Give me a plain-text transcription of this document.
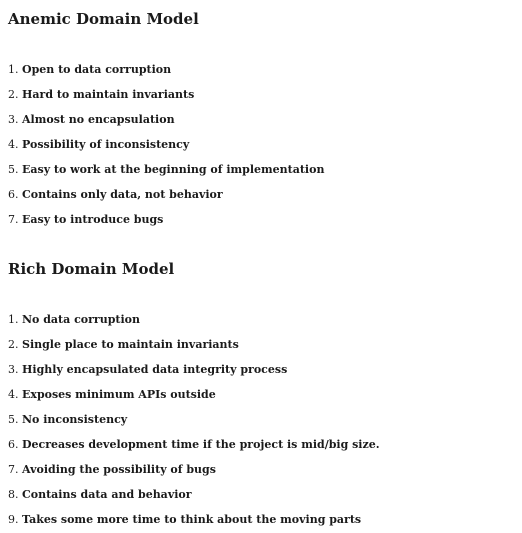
Anemic Domain Model
1. Open to data corruption
2. Hard to maintain invariants
3. Almost no encapsulation
4. Possibility of inconsistency
5. Easy to work at the beginning of implementation
6. Contains only data, not behavior
7. Easy to introduce bugs
Rich Domain Model
1. No data corruption
2. Single place to maintain invariants
3. Highly encapsulated data integrity process
4. Exposes minimum APIs outside
5. No inconsistency
6. Decreases development time if the project is mid/big size.
7. Avoiding the possibility of bugs
8. Contains data and behavior
9. Takes some more time to think about the moving parts
